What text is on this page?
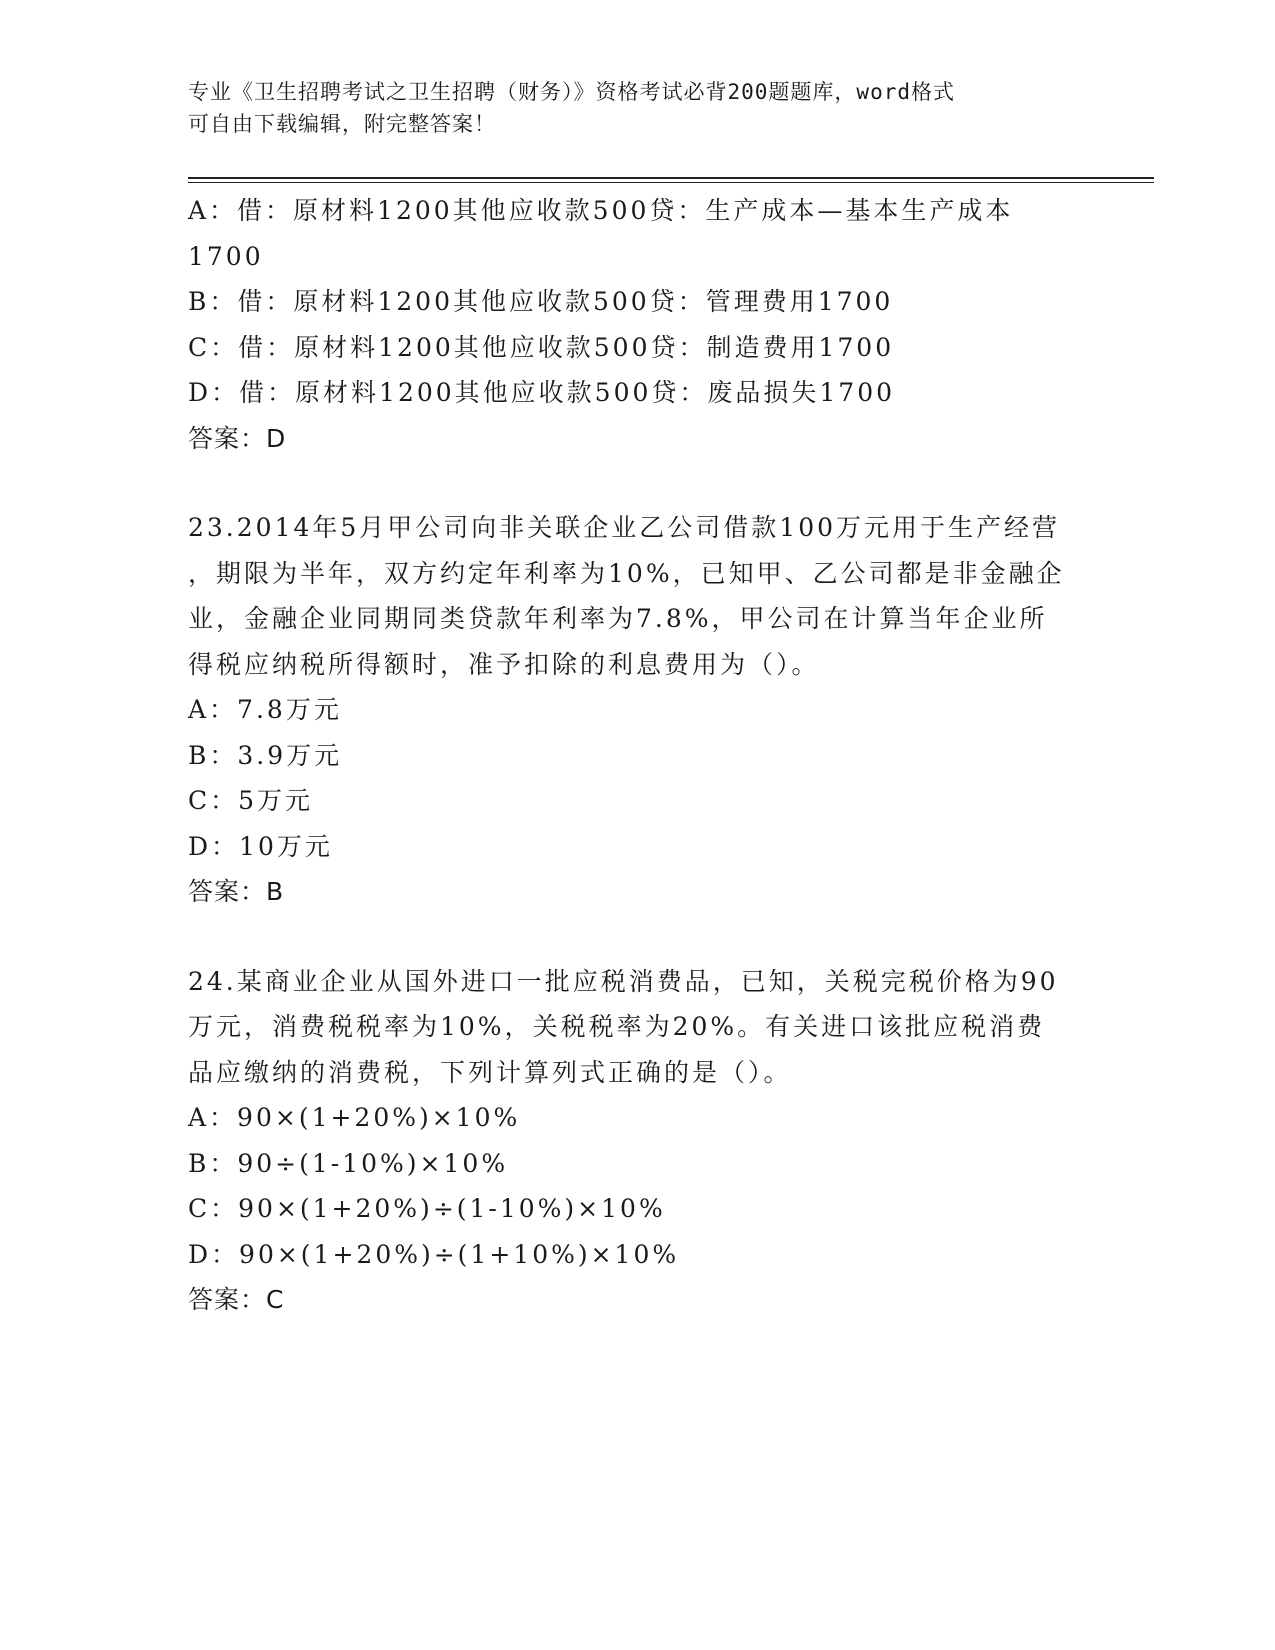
专业《卫生招聘考试之卫生招聘（财务）》资格考试必背200题题库，word格式
可自由下载编辑，附完整答案！
A：借：原材料1200其他应收款500贷：生产成本—基本生产成本
1700
B：借：原材料1200其他应收款500贷：管理费用1700
C：借：原材料1200其他应收款500贷：制造费用1700
D：借：原材料1200其他应收款500贷：废品损失1700
答案：D
23.2014年5月甲公司向非关联企业乙公司借款100万元用于生产经营
，期限为半年，双方约定年利率为10%，已知甲、乙公司都是非金融企
业，金融企业同期同类贷款年利率为7.8%，甲公司在计算当年企业所
得税应纳税所得额时，准予扣除的利息费用为（）。
A：7.8万元
B：3.9万元
C：5万元
D：10万元
答案：B
24.某商业企业从国外进口一批应税消费品，已知，关税完税价格为90
万元，消费税税率为10%，关税税率为20%。有关进口该批应税消费
品应缴纳的消费税，下列计算列式正确的是（）。
A：90×(1+20%)×10%
B：90÷(1-10%)×10%
C：90×(1+20%)÷(1-10%)×10%
D：90×(1+20%)÷(1+10%)×10%
答案：C
